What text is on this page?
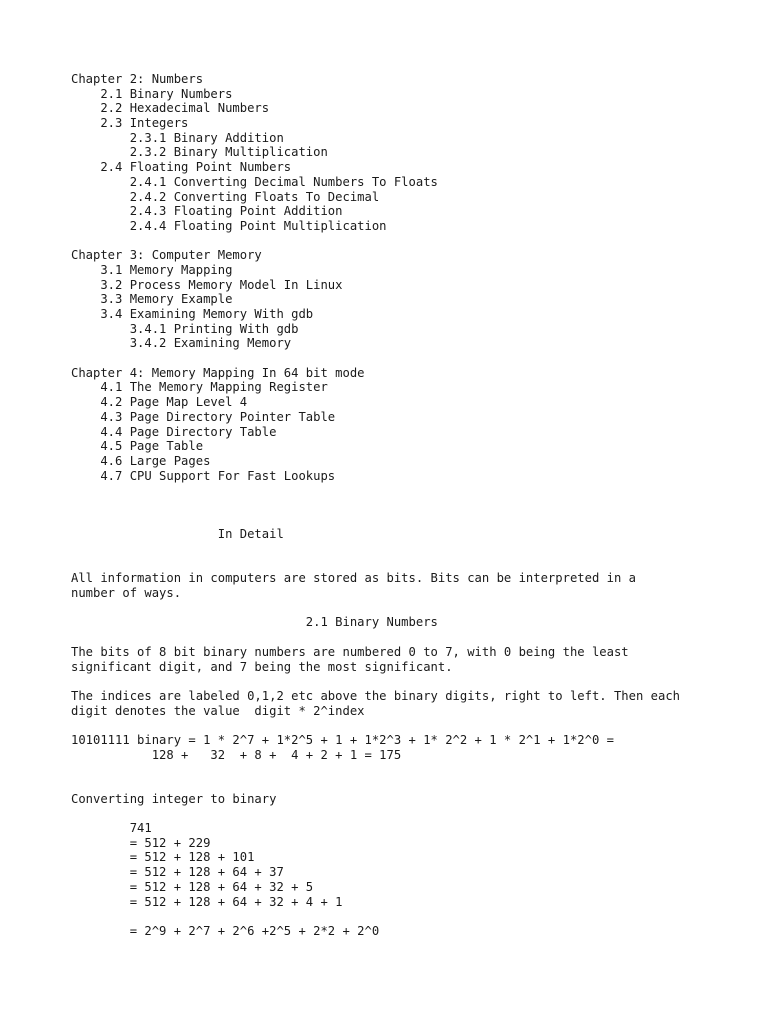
Chapter 2: Numbers
2.1 Binary Numbers
2.2 Hexadecimal Numbers
2.3 Integers
2.3.1 Binary Addition
2.3.2 Binary Multiplication
2.4 Floating Point Numbers
2.4.1 Converting Decimal Numbers To Floats
2.4.2 Converting Floats To Decimal
2.4.3 Floating Point Addition
2.4.4 Floating Point Multiplication
Chapter 3: Computer Memory
3.1 Memory Mapping
3.2 Process Memory Model In Linux
3.3 Memory Example
3.4 Examining Memory With gdb
3.4.1 Printing With gdb
3.4.2 Examining Memory
Chapter 4: Memory Mapping In 64 bit mode
4.1 The Memory Mapping Register
4.2 Page Map Level 4
4.3 Page Directory Pointer Table
4.4 Page Directory Table
4.5 Page Table
4.6 Large Pages
4.7 CPU Support For Fast Lookups
In Detail
All information in computers are stored as bits. Bits can be interpreted in a
number of ways.
2.1 Binary Numbers
The bits of 8 bit binary numbers are numbered 0 to 7, with 0 being the least
significant digit, and 7 being the most significant.
The indices are labeled 0,1,2 etc above the binary digits, right to left. Then each
digit denotes the value  digit * 2^index
10101111 binary = 1 * 2^7 + 1*2^5 + 1 + 1*2^3 + 1* 2^2 + 1 * 2^1 + 1*2^0 =
128 +   32  + 8 +  4 + 2 + 1 = 175
Converting integer to binary
741
= 512 + 229
= 512 + 128 + 101
= 512 + 128 + 64 + 37
= 512 + 128 + 64 + 32 + 5
= 512 + 128 + 64 + 32 + 4 + 1
= 2^9 + 2^7 + 2^6 +2^5 + 2*2 + 2^0
